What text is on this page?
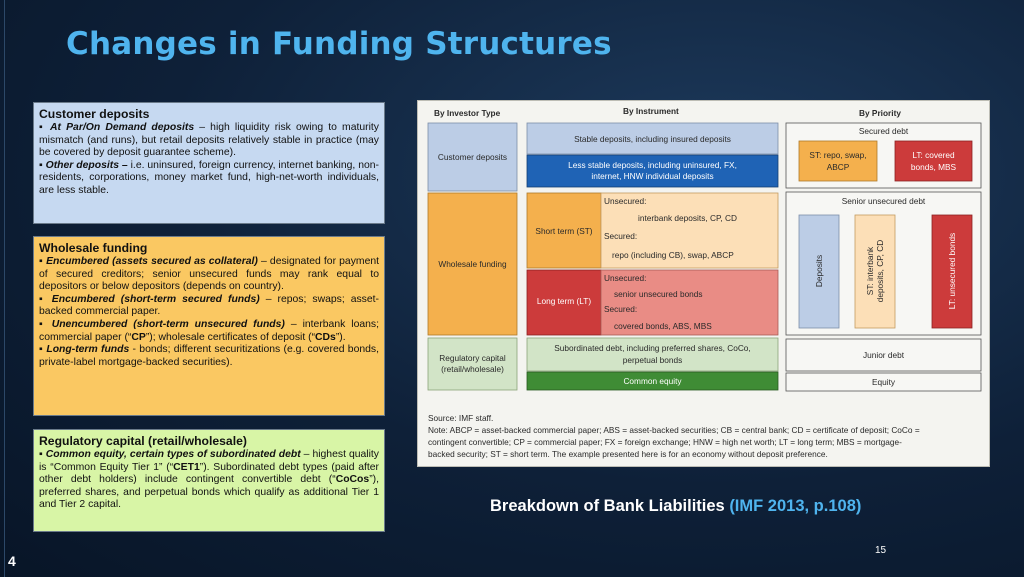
Changes in Funding Structures
Customer deposits

▪ At Par/On Demand deposits – high liquidity risk owing to maturity mismatch (and runs), but retail deposits relatively stable in practice (may be covered by deposit guarantee scheme).

▪ Other deposits – i.e. uninsured, foreign currency, internet banking, non-residents, corporations, money market fund, high-net-worth individuals, are less stable.

Wholesale funding

▪ Encumbered (assets secured as collateral) – designated for payment of secured creditors; senior unsecured funds may rank equal to depositors or below depositors (depends on country).

▪ Encumbered (short-term secured funds) – repos; swaps; asset-backed commercial paper.

▪ Unencumbered (short-term unsecured funds) – interbank loans; commercial paper (“CP”); wholesale certificates of deposit (“CDs”).

▪ Long-term funds - bonds; different securitizations (e.g. covered bonds, private-label mortgage-backed securities).

Regulatory capital (retail/wholesale)

▪ Common equity, certain types of subordinated debt – highest quality is “Common Equity Tier 1” (“CET1”). Subordinated debt types (paid after other debt holders) include contingent convertible debt (“CoCos”), preferred shares, and perpetual bonds which qualify as additional Tier 1 and Tier 2 capital.

By Investor Type	By Instrument	By Priority
Customer deposits
Wholesale funding
Regulatory capital
(retail/wholesale)
Stable deposits, including insured deposits
Less stable deposits, including uninsured, FX,
internet, HNW individual deposits
Short term (ST)
Unsecured:
interbank deposits, CP, CD
Secured:
repo (including CB), swap, ABCP
Long term (LT)
Unsecured:
senior unsecured bonds
Secured:
covered bonds, ABS, MBS
Subordinated debt, including preferred shares, CoCo,
perpetual bonds
Common equity
Secured debt
ST: repo, swap,
ABCP
LT: covered
bonds, MBS
Senior unsecured debt
Deposits	ST: interbank deposits, CP, CD	LT: unsecured bonds
Junior debt
Equity
Source: IMF staff.
Note: ABCP = asset-backed commercial paper; ABS = asset-backed securities; CB = central bank; CD = certificate of deposit; CoCo =
contingent convertible; CP = commercial paper; FX = foreign exchange; HNW = high net worth; LT = long term; MBS = mortgage-
backed security; ST = short term. The example presented here is for an economy without deposit preference.
Breakdown of Bank Liabilities (IMF 2013, p.108)
15
4
